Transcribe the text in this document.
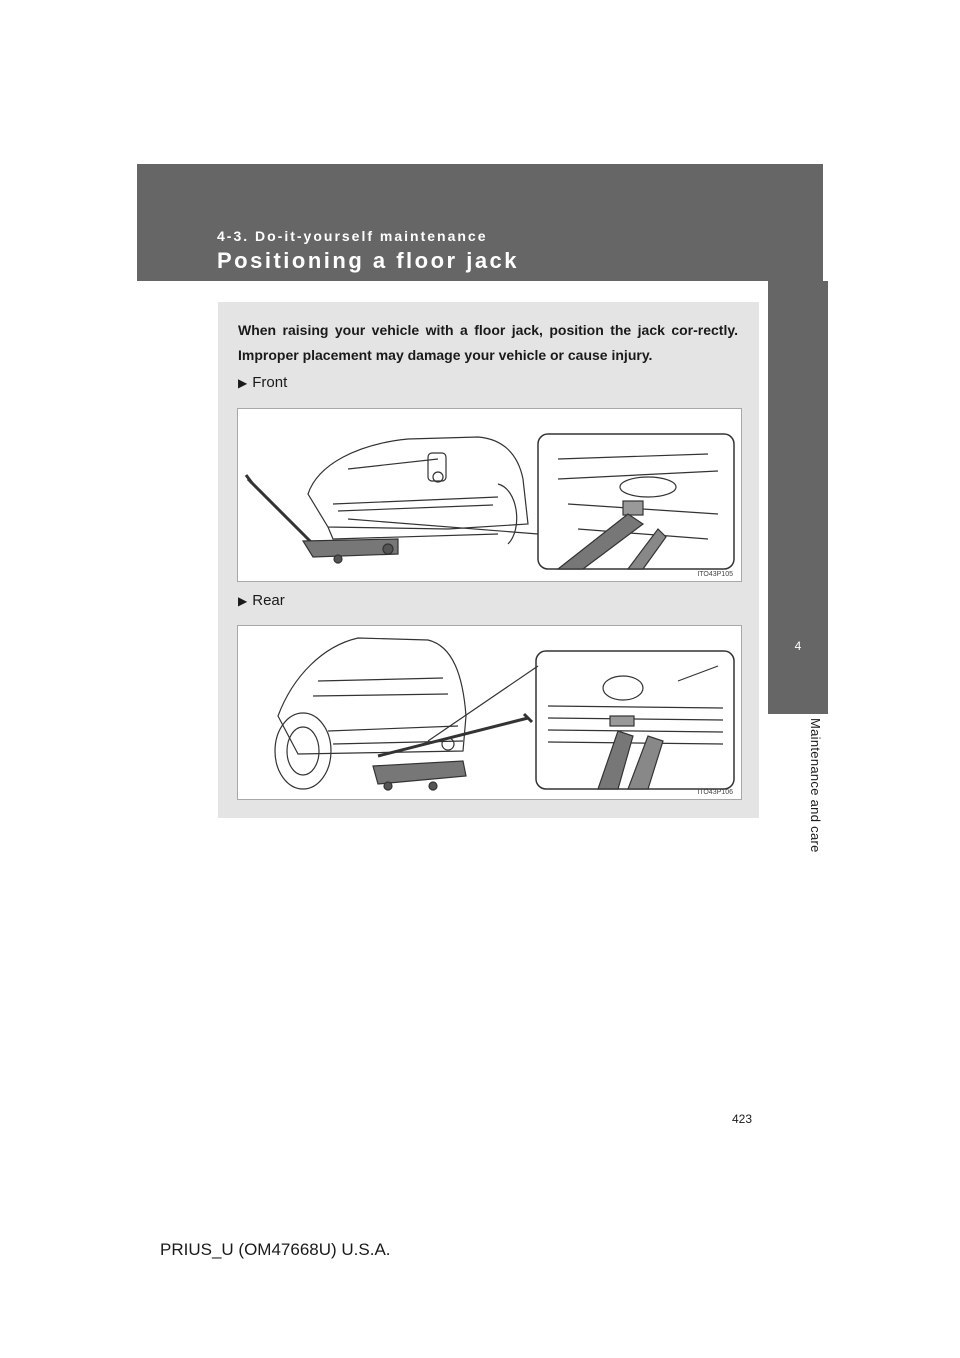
4-3. Do-it-yourself maintenance
Positioning a floor jack
4
Maintenance and care
When raising your vehicle with a floor jack, position the jack cor-rectly. Improper placement may damage your vehicle or cause injury.
▶ Front
ITO43P105
▶ Rear
ITO43P106
423
PRIUS_U (OM47668U) U.S.A.
